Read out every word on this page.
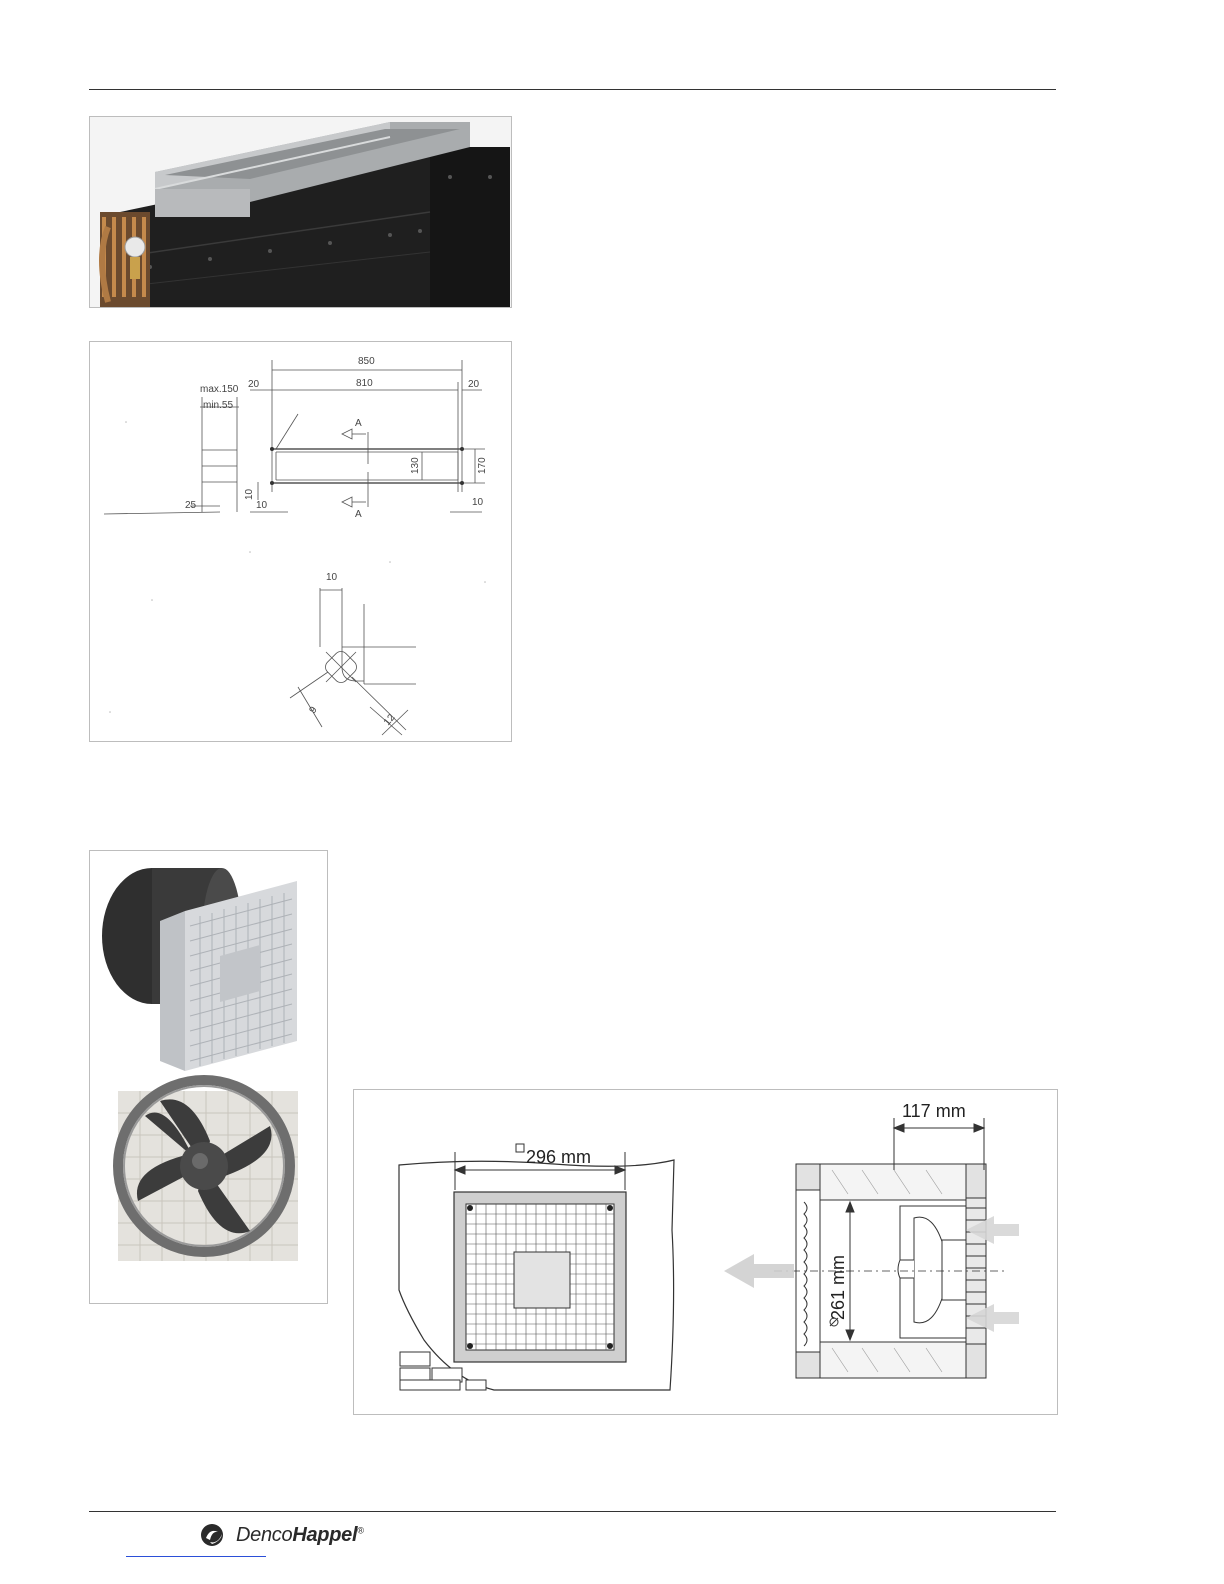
850
810
20	20
max.150
min.55
A
A
130	170
25
10
10	10
10
9
12
296 mm
261 mm
117 mm
DencoHappel®
